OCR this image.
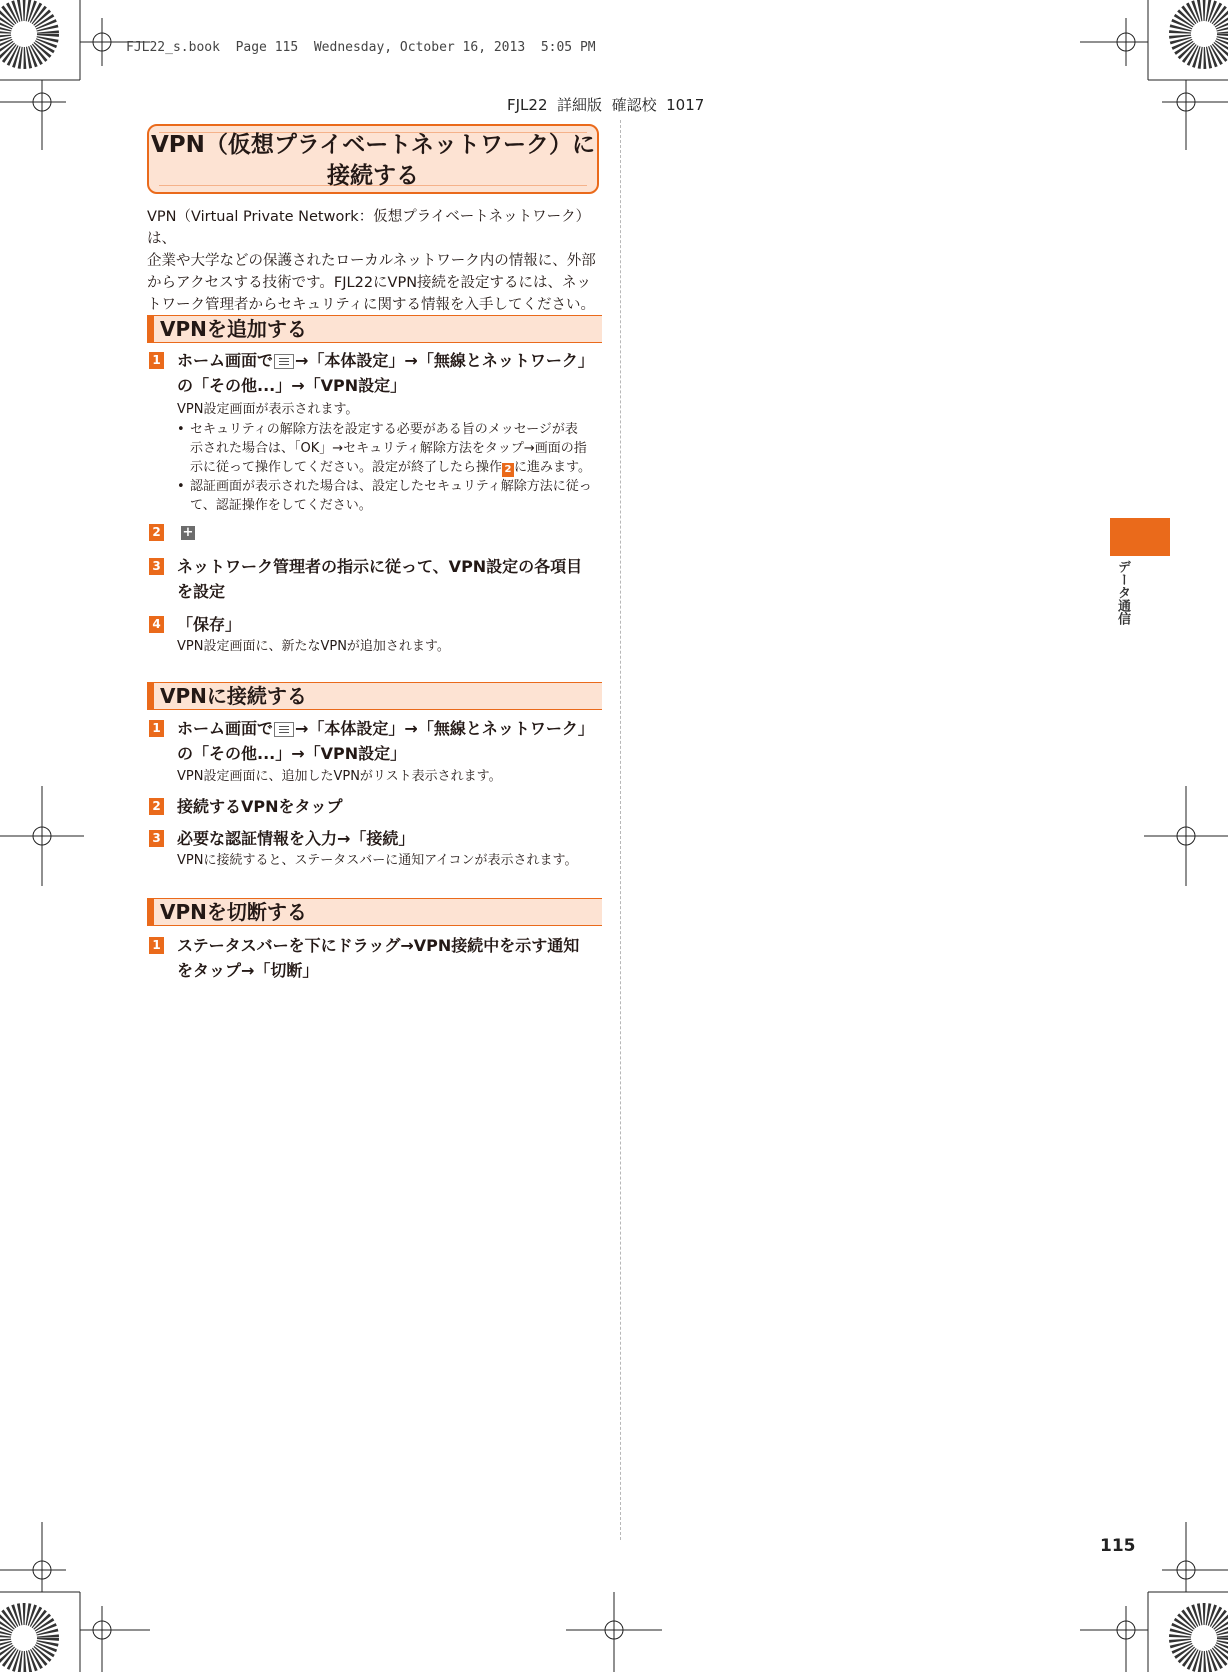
FJL22_s.book  Page 115  Wednesday, October 16, 2013  5:05 PM
FJL22  詳細版  確認校  1017
データ通信
VPN（仮想プライベートネットワーク）に
接続する
VPN（Virtual Private Network：仮想プライベートネットワーク）は、
企業や大学などの保護されたローカルネットワーク内の情報に、外部
からアクセスする技術です。FJL22にVPN接続を設定するには、ネッ
トワーク管理者からセキュリティに関する情報を入手してください。
VPNを追加する
1 ホーム画面で →「本体設定」→「無線とネットワーク」
の「その他...」→「VPN設定」
VPN設定画面が表示されます。
• セキュリティの解除方法を設定する必要がある旨のメッセージが表
示された場合は、「OK」→セキュリティ解除方法をタップ→画面の指
示に従って操作してください。設定が終了したら操作 2 に進みます。
• 認証画面が表示された場合は、設定したセキュリティ解除方法に従っ
て、認証操作をしてください。
2 +
3 ネットワーク管理者の指示に従って、VPN設定の各項目
を設定
4 「保存」
VPN設定画面に、新たなVPNが追加されます。
VPNに接続する
1 ホーム画面で →「本体設定」→「無線とネットワーク」
の「その他...」→「VPN設定」
VPN設定画面に、追加したVPNがリスト表示されます。
2 接続するVPNをタップ
3 必要な認証情報を入力→「接続」
VPNに接続すると、ステータスバーに通知アイコンが表示されます。
VPNを切断する
1 ステータスバーを下にドラッグ→VPN接続中を示す通知
をタップ→「切断」
115
